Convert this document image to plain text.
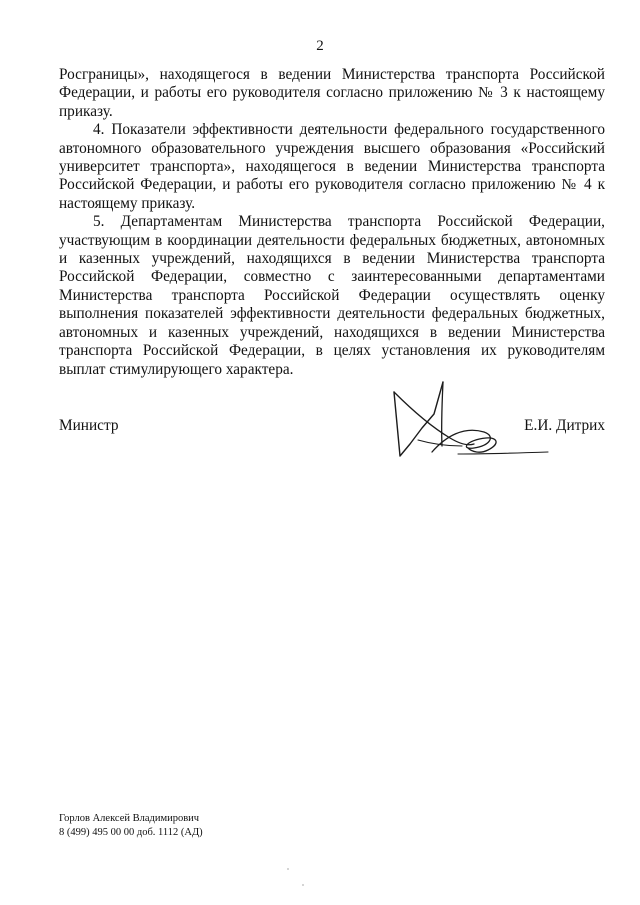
2

Росграницы», находящегося в ведении Министерства транспорта Российской Федерации, и работы его руководителя согласно приложению № 3 к настоящему приказу.

4. Показатели эффективности деятельности федерального государственного автономного образовательного учреждения высшего образования «Российский университет транспорта», находящегося в ведении Министерства транспорта Российской Федерации, и работы его руководителя согласно приложению № 4 к настоящему приказу.

5. Департаментам Министерства транспорта Российской Федерации, участвующим в координации деятельности федеральных бюджетных, автономных и казенных учреждений, находящихся в ведении Министерства транспорта Российской Федерации, совместно с заинтересованными департаментами Министерства транспорта Российской Федерации осуществлять оценку выполнения показателей эффективности деятельности федеральных бюджетных, автономных и казенных учреждений, находящихся в ведении Министерства транспорта Российской Федерации, в целях установления их руководителям выплат стимулирующего характера.

Министр	Е.И. Дитрих
Горлов Алексей Владимирович
8 (499) 495 00 00 доб. 1112 (АД)
